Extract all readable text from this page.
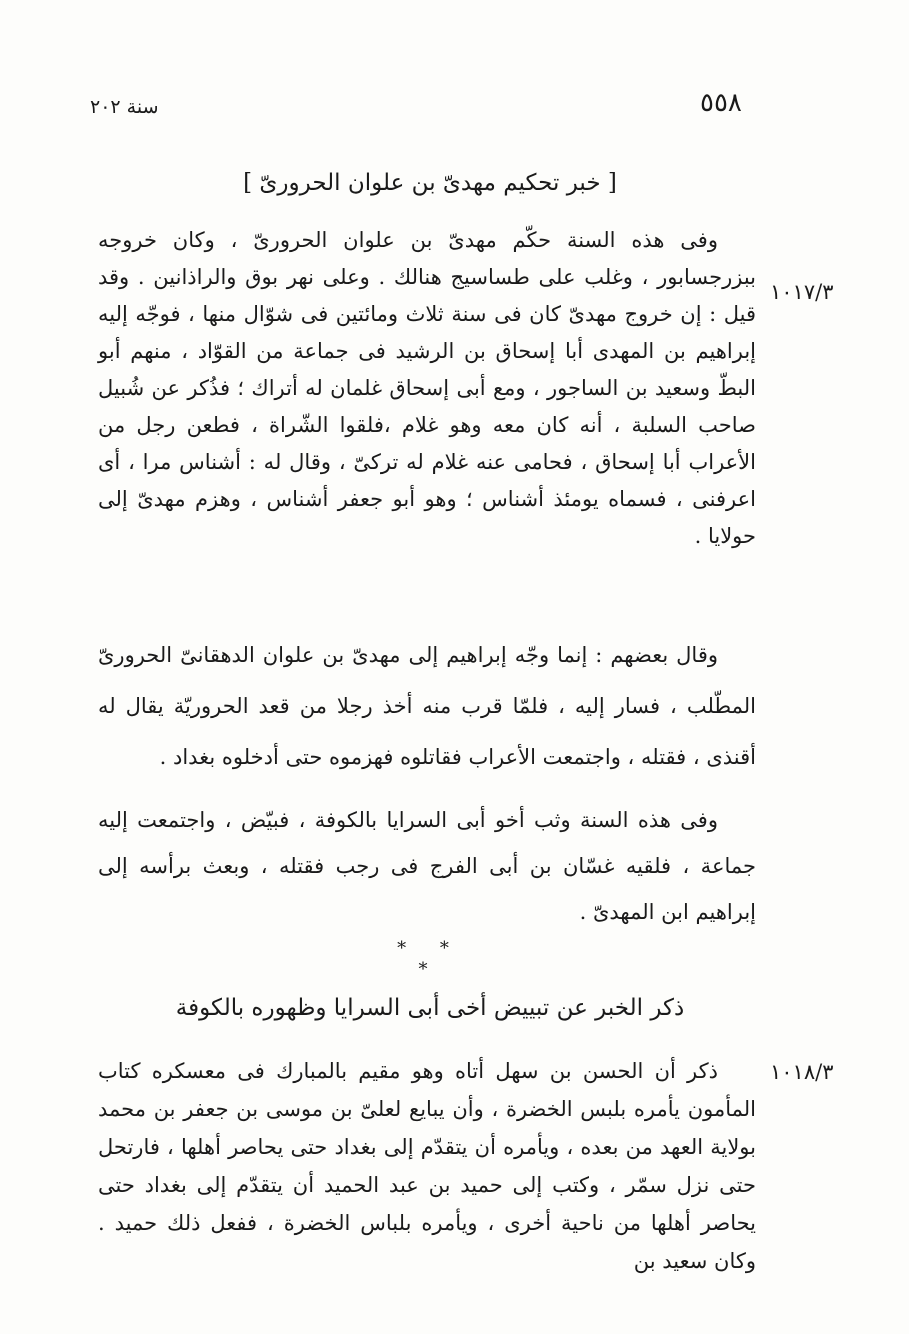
٥٥٨
سنة ٢٠٢
[ خبر تحكيم مهدىّ بن علوان الحرورىّ ]
١٠١٧/٣

وفى هذه السنة حكّم مهدىّ بن علوان الحرورىّ ، وكان خروجه ببزرجسابور ، وغلب على طساسيج هنالك . وعلى نهر بوق والراذانين . وقد قيل : إن خروج مهدىّ كان فى سنة ثلاث ومائتين فى شوّال منها ، فوجّه إليه إبراهيم بن المهدى أبا إسحاق بن الرشيد فى جماعة من القوّاد ، منهم أبو البطّ وسعيد بن الساجور ، ومع أبى إسحاق غلمان له أتراك ؛ فذُكر عن شُبيل صاحب السلبة ، أنه كان معه وهو غلام ،فلقوا الشّراة ، فطعن رجل من الأعراب أبا إسحاق ، فحامى عنه غلام له تركىّ ، وقال له : أشناس مرا ، أى اعرفنى ، فسماه يومئذ أشناس ؛ وهو أبو جعفر أشناس ، وهزم مهدىّ إلى حولايا .

وقال بعضهم : إنما وجّه إبراهيم إلى مهدىّ بن علوان الدهقانىّ الحرورىّ المطّلب ، فسار إليه ، فلمّا قرب منه أخذ رجلا من قعد الحروريّة يقال له أقنذى ، فقتله ، واجتمعت الأعراب فقاتلوه فهزموه حتى أدخلوه بغداد .

وفى هذه السنة وثب أخو أبى السرايا بالكوفة ، فبيّض ، واجتمعت إليه جماعة ، فلقيه غسّان بن أبى الفرج فى رجب فقتله ، وبعث برأسه إلى إبراهيم ابن المهدىّ .

* * *
ذكر الخبر عن تبييض أخى أبى السرايا وظهوره بالكوفة
١٠١٨/٣

ذكر أن الحسن بن سهل أتاه وهو مقيم بالمبارك فى معسكره كتاب المأمون يأمره بلبس الخضرة ، وأن يبايع لعلىّ بن موسى بن جعفر بن محمد بولاية العهد من بعده ، ويأمره أن يتقدّم إلى بغداد حتى يحاصر أهلها ، فارتحل حتى نزل سمّر ، وكتب إلى حميد بن عبد الحميد أن يتقدّم إلى بغداد حتى يحاصر أهلها من ناحية أخرى ، ويأمره بلباس الخضرة ، ففعل ذلك حميد . وكان سعيد بن
